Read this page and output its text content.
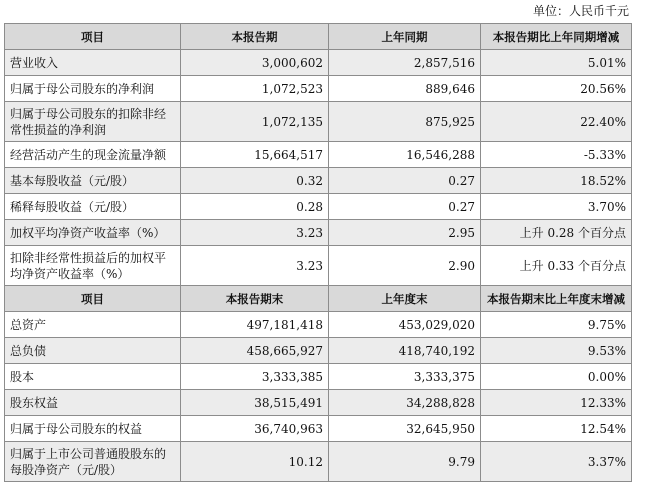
单位：人民币千元
项目	本报告期	上年同期	本报告期比上年同期增减
营业收入	3,000,602	2,857,516	5.01%
归属于母公司股东的净利润	1,072,523	889,646	20.56%
归属于母公司股东的扣除非经常性损益的净利润	1,072,135	875,925	22.40%
经营活动产生的现金流量净额	15,664,517	16,546,288	-5.33%
基本每股收益（元/股）	0.32	0.27	18.52%
稀释每股收益（元/股）	0.28	0.27	3.70%
加权平均净资产收益率（%）	3.23	2.95	上升 0.28 个百分点
扣除非经常性损益后的加权平均净资产收益率（%）	3.23	2.90	上升 0.33 个百分点
项目	本报告期末	上年度末	本报告期末比上年度末增减
总资产	497,181,418	453,029,020	9.75%
总负债	458,665,927	418,740,192	9.53%
股本	3,333,385	3,333,375	0.00%
股东权益	38,515,491	34,288,828	12.33%
归属于母公司股东的权益	36,740,963	32,645,950	12.54%
归属于上市公司普通股股东的每股净资产（元/股）	10.12	9.79	3.37%
